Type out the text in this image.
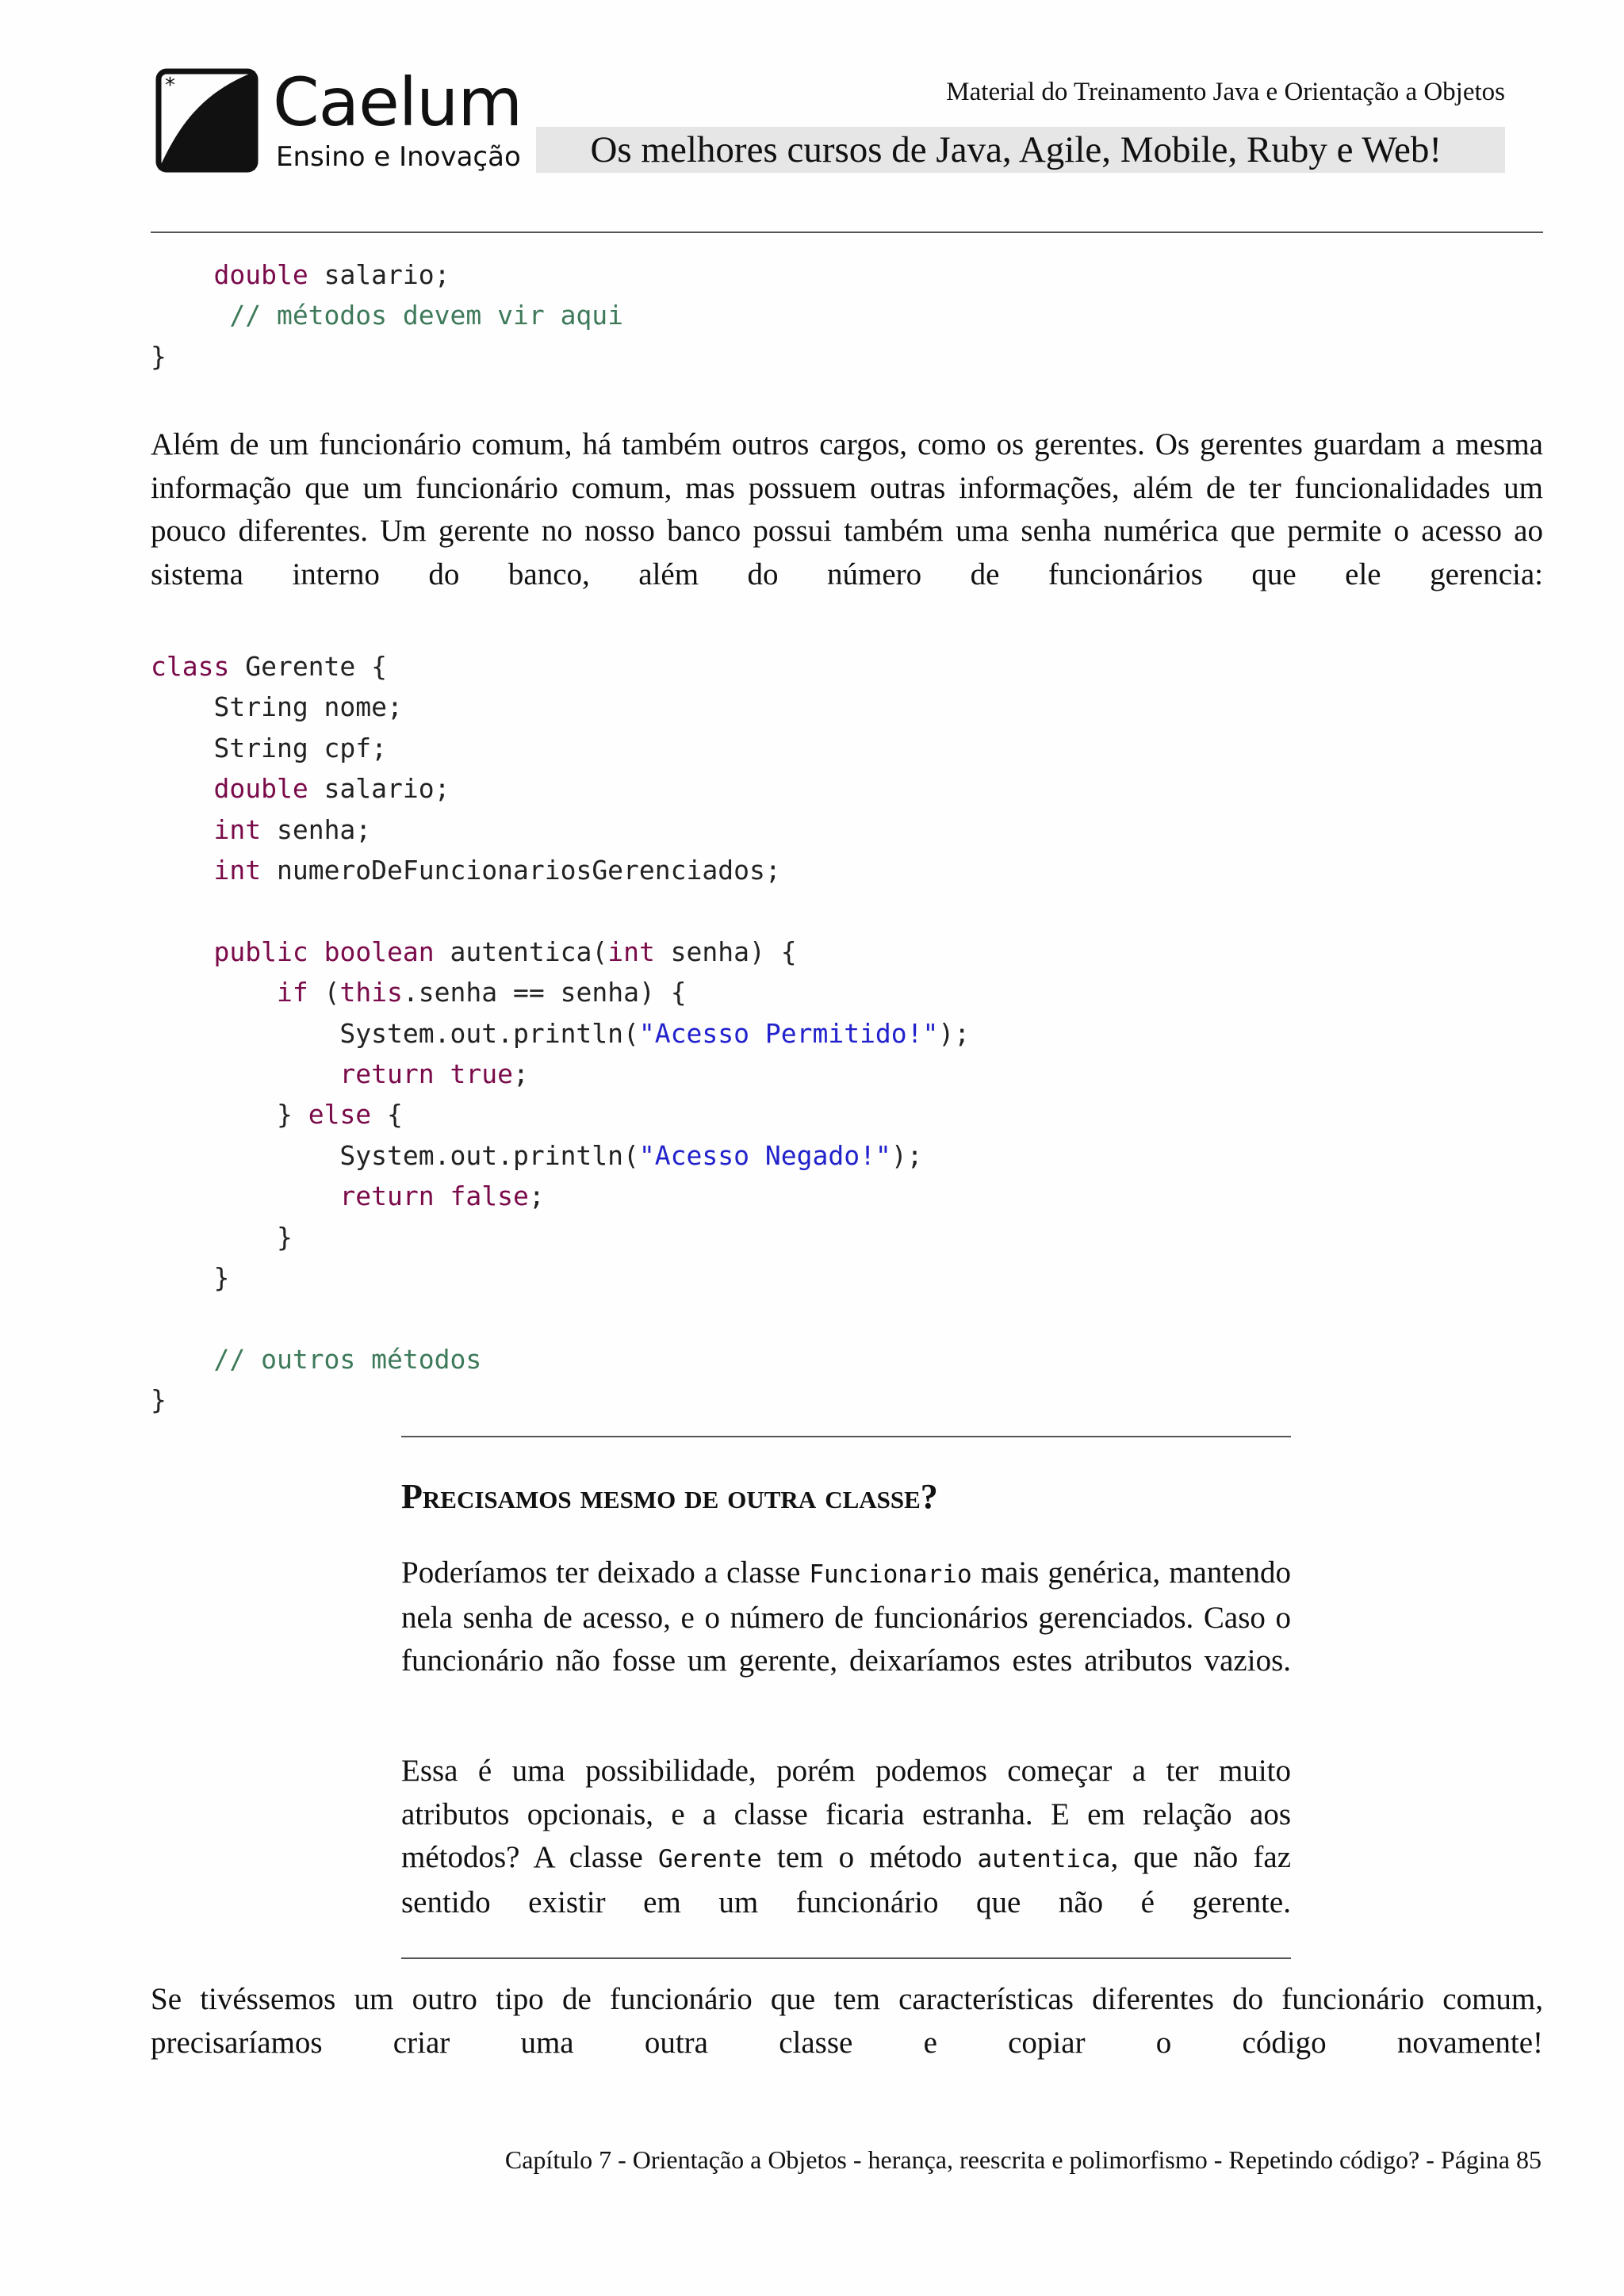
* Caelum
Ensino e Inovação
Material do Treinamento Java e Orientação a Objetos
Os melhores cursos de Java, Agile, Mobile, Ruby e Web!
double salario;
// métodos devem vir aqui
}

Além de um funcionário comum, há também outros cargos, como os gerentes. Os gerentes guardam a mesma informação que um funcionário comum, mas possuem outras informações, além de ter funcionalidades um pouco diferentes. Um gerente no nosso banco possui também uma senha numérica que permite o acesso ao sistema interno do banco, além do número de funcionários que ele gerencia:

class Gerente {
String nome;
String cpf;
double salario;
int senha;
int numeroDeFuncionariosGerenciados;

public boolean autentica(int senha) {
if (this.senha == senha) {
System.out.println("Acesso Permitido!");
return true;
} else {
System.out.println("Acesso Negado!");
return false;
}
}

// outros métodos
}
Precisamos mesmo de outra classe?

Poderíamos ter deixado a classe Funcionario mais genérica, mantendo nela senha de acesso, e o número de funcionários gerenciados. Caso o funcionário não fosse um gerente, deixaríamos estes atributos vazios.

Essa é uma possibilidade, porém podemos começar a ter muito atributos opcionais, e a classe ficaria estranha. E em relação aos métodos? A classe Gerente tem o método autentica, que não faz sentido existir em um funcionário que não é gerente.

Se tivéssemos um outro tipo de funcionário que tem características diferentes do funcionário comum, precisaríamos criar uma outra classe e copiar o código novamente!

Capítulo 7 - Orientação a Objetos - herança, reescrita e polimorfismo - Repetindo código? - Página 85
